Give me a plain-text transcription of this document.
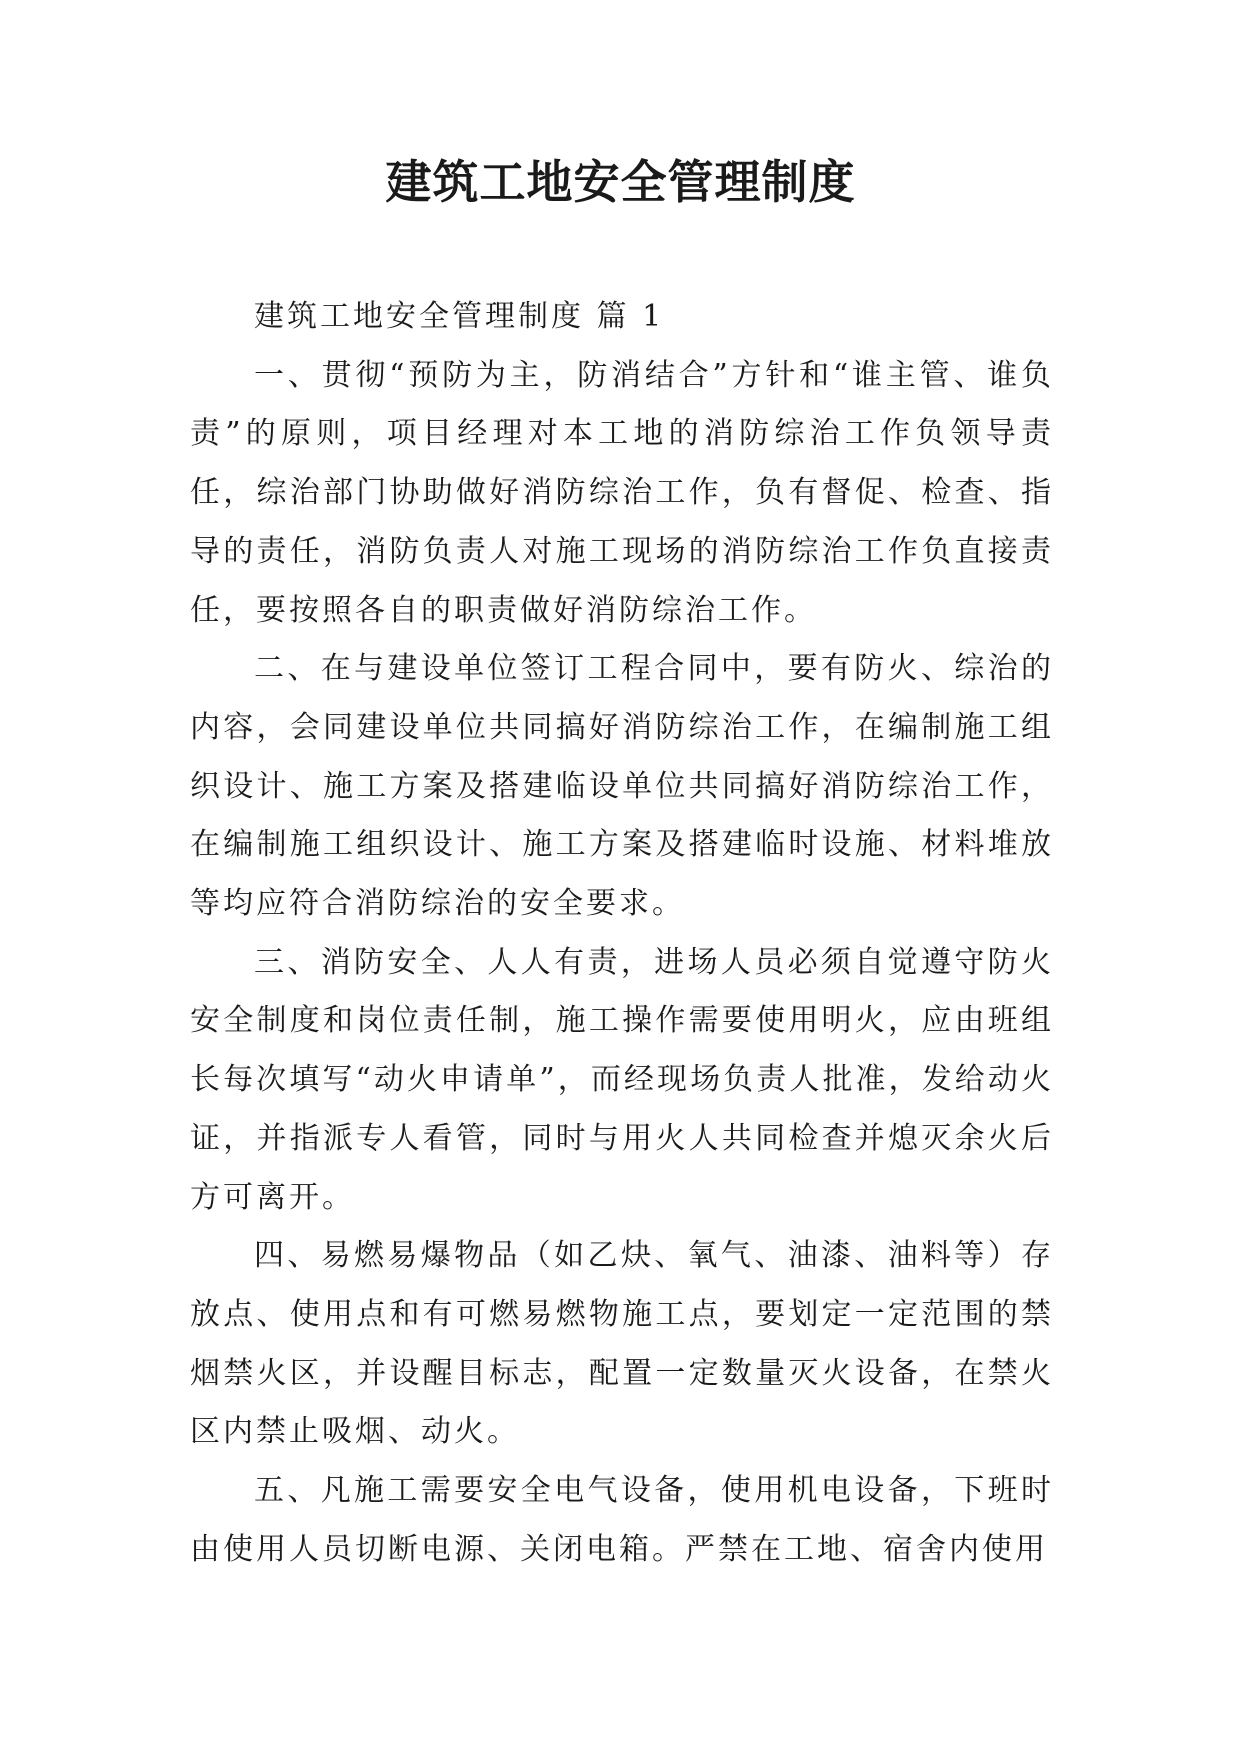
建筑工地安全管理制度

建筑工地安全管理制度 篇 1

一、贯彻“预防为主，防消结合”方针和“谁主管、谁负责”的原则，项目经理对本工地的消防综治工作负领导责任，综治部门协助做好消防综治工作，负有督促、检查、指导的责任，消防负责人对施工现场的消防综治工作负直接责任，要按照各自的职责做好消防综治工作。

二、在与建设单位签订工程合同中，要有防火、综治的内容，会同建设单位共同搞好消防综治工作，在编制施工组织设计、施工方案及搭建临设单位共同搞好消防综治工作，在编制施工组织设计、施工方案及搭建临时设施、材料堆放等均应符合消防综治的安全要求。

三、消防安全、人人有责，进场人员必须自觉遵守防火安全制度和岗位责任制，施工操作需要使用明火，应由班组长每次填写“动火申请单”，而经现场负责人批准，发给动火证，并指派专人看管，同时与用火人共同检查并熄灭余火后方可离开。

四、易燃易爆物品（如乙炔、氧气、油漆、油料等）存放点、使用点和有可燃易燃物施工点，要划定一定范围的禁烟禁火区，并设醒目标志，配置一定数量灭火设备，在禁火区内禁止吸烟、动火。

五、凡施工需要安全电气设备，使用机电设备，下班时由使用人员切断电源、关闭电箱。严禁在工地、宿舍内使用
